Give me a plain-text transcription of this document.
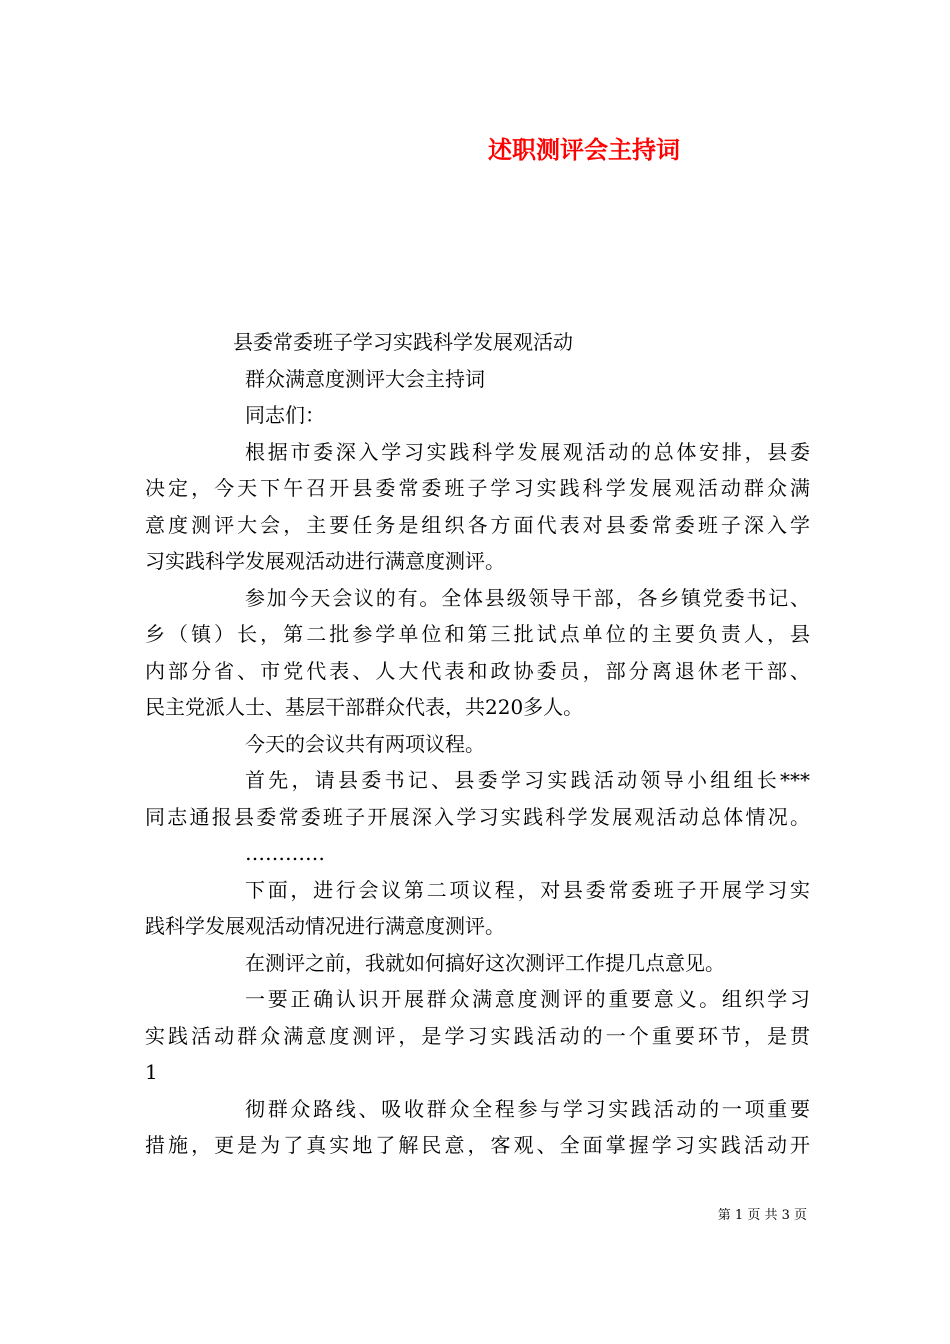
述职测评会主持词
县委常委班子学习实践科学发展观活动
群众满意度测评大会主持词
同志们：
根据市委深入学习实践科学发展观活动的总体安排，县委
决定，今天下午召开县委常委班子学习实践科学发展观活动群众满
意度测评大会，主要任务是组织各方面代表对县委常委班子深入学
习实践科学发展观活动进行满意度测评。
参加今天会议的有。全体县级领导干部，各乡镇党委书记、
乡（镇）长，第二批参学单位和第三批试点单位的主要负责人，县
内部分省、市党代表、人大代表和政协委员，部分离退休老干部、
民主党派人士、基层干部群众代表，共220多人。
今天的会议共有两项议程。
首先，请县委书记、县委学习实践活动领导小组组长***
同志通报县委常委班子开展深入学习实践科学发展观活动总体情况。
…………
下面，进行会议第二项议程，对县委常委班子开展学习实
践科学发展观活动情况进行满意度测评。
在测评之前，我就如何搞好这次测评工作提几点意见。
一要正确认识开展群众满意度测评的重要意义。组织学习
实践活动群众满意度测评，是学习实践活动的一个重要环节，是贯
1
彻群众路线、吸收群众全程参与学习实践活动的一项重要
措施，更是为了真实地了解民意，客观、全面掌握学习实践活动开
第 1 页 共 3 页
